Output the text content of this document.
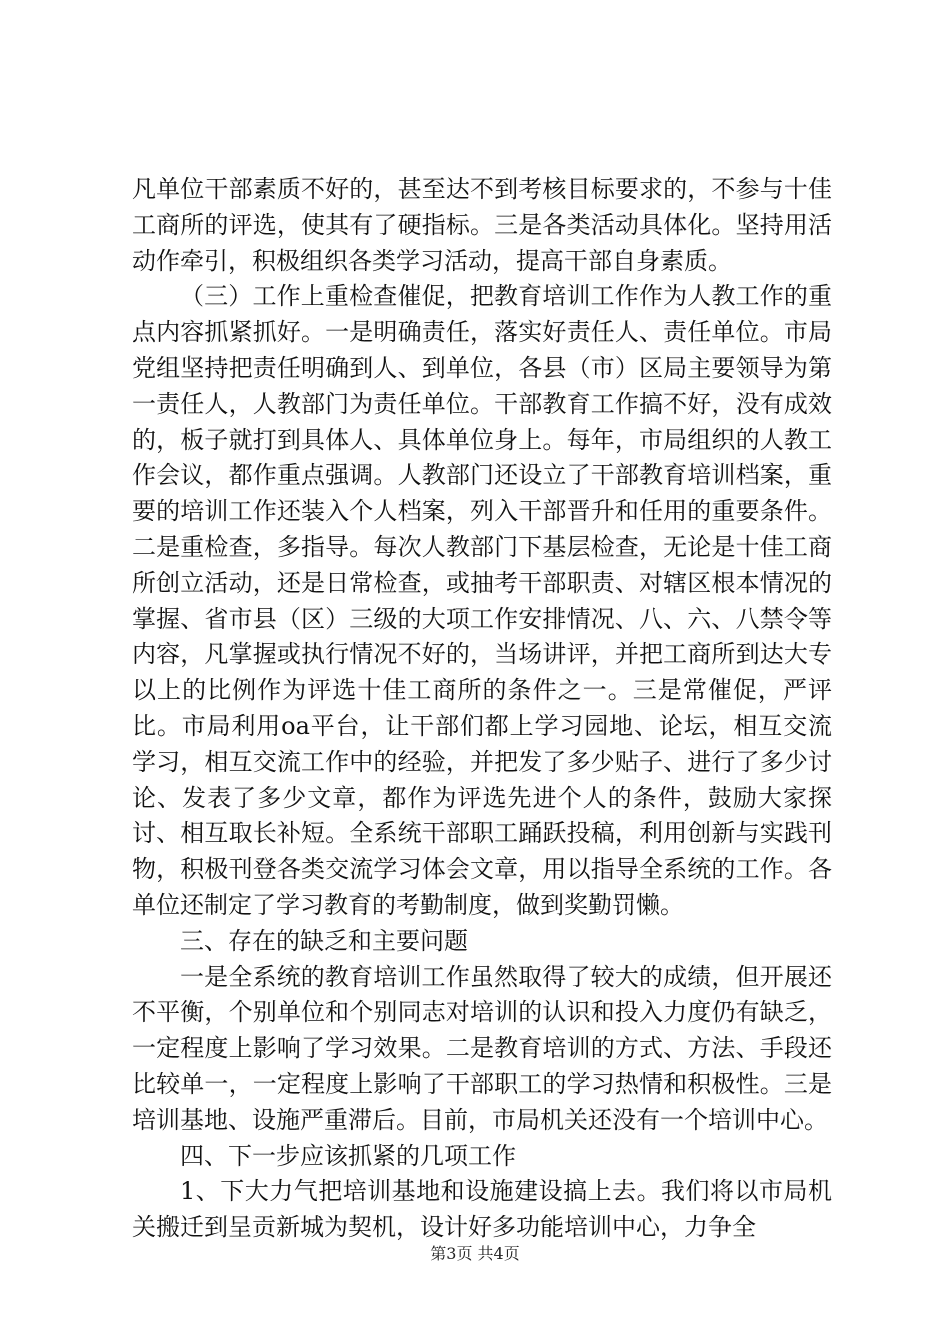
凡单位干部素质不好的，甚至达不到考核目标要求的，不参与十佳工商所的评选，使其有了硬指标。三是各类活动具体化。坚持用活动作牵引，积极组织各类学习活动，提高干部自身素质。

（三）工作上重检查催促，把教育培训工作作为人教工作的重点内容抓紧抓好。一是明确责任，落实好责任人、责任单位。市局党组坚持把责任明确到人、到单位，各县（市）区局主要领导为第一责任人，人教部门为责任单位。干部教育工作搞不好，没有成效的，板子就打到具体人、具体单位身上。每年，市局组织的人教工作会议，都作重点强调。人教部门还设立了干部教育培训档案，重要的培训工作还装入个人档案，列入干部晋升和任用的重要条件。二是重检查，多指导。每次人教部门下基层检查，无论是十佳工商所创立活动，还是日常检查，或抽考干部职责、对辖区根本情况的掌握、省市县（区）三级的大项工作安排情况、八、六、八禁令等内容，凡掌握或执行情况不好的，当场讲评，并把工商所到达大专以上的比例作为评选十佳工商所的条件之一。三是常催促，严评比。市局利用oa平台，让干部们都上学习园地、论坛，相互交流学习，相互交流工作中的经验，并把发了多少贴子、进行了多少讨论、发表了多少文章，都作为评选先进个人的条件，鼓励大家探讨、相互取长补短。全系统干部职工踊跃投稿，利用创新与实践刊物，积极刊登各类交流学习体会文章，用以指导全系统的工作。各单位还制定了学习教育的考勤制度，做到奖勤罚懒。

三、存在的缺乏和主要问题

一是全系统的教育培训工作虽然取得了较大的成绩，但开展还不平衡，个别单位和个别同志对培训的认识和投入力度仍有缺乏，一定程度上影响了学习效果。二是教育培训的方式、方法、手段还比较单一，一定程度上影响了干部职工的学习热情和积极性。三是培训基地、设施严重滞后。目前，市局机关还没有一个培训中心。

四、下一步应该抓紧的几项工作

1、下大力气把培训基地和设施建设搞上去。我们将以市局机关搬迁到呈贡新城为契机，设计好多功能培训中心，力争全

第3页 共4页
